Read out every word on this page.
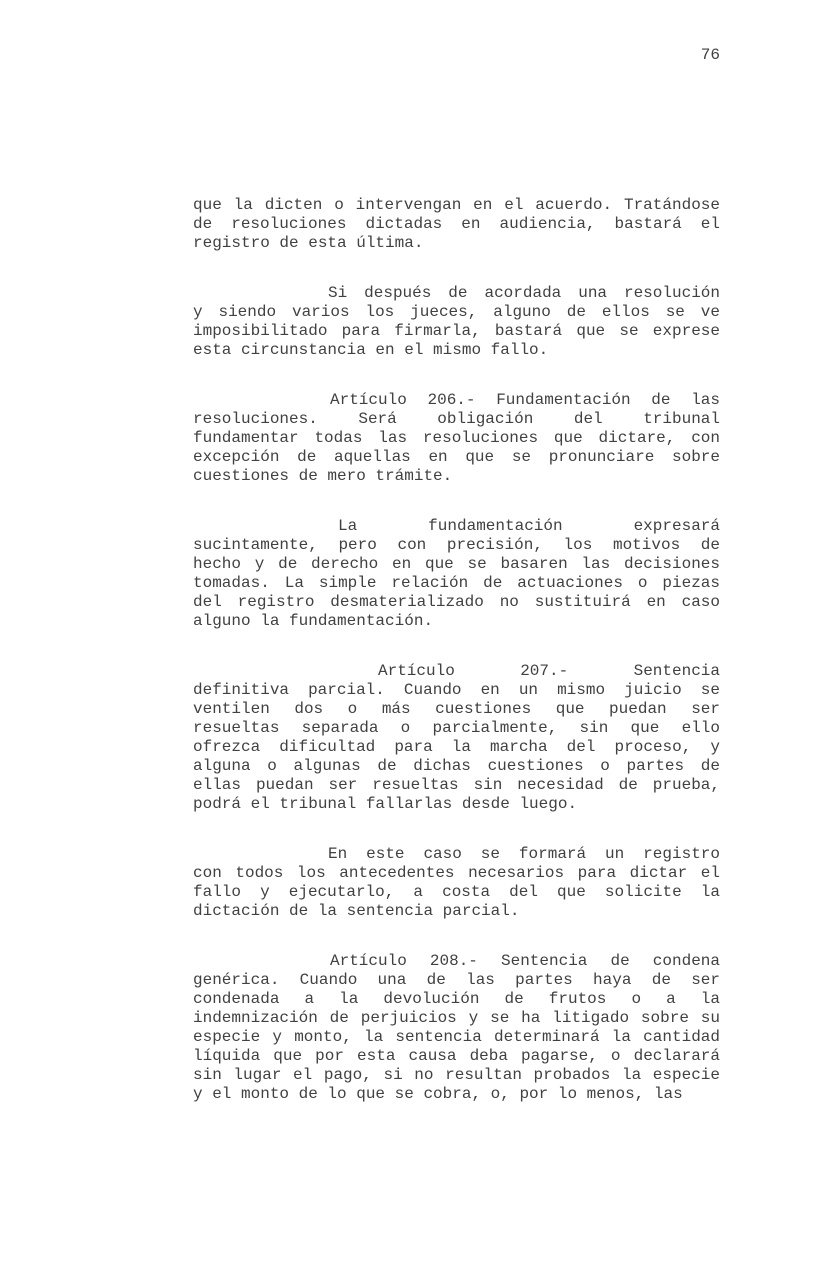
76
que la dicten o intervengan en el acuerdo. Tratándose
de resoluciones dictadas en audiencia, bastará el
registro de esta última.
Si después de acordada una resolución
y siendo varios los jueces, alguno de ellos se ve
imposibilitado para firmarla, bastará que se exprese
esta circunstancia en el mismo fallo.
Artículo 206.- Fundamentación de las
resoluciones. Será obligación del tribunal
fundamentar todas las resoluciones que dictare, con
excepción de aquellas en que se pronunciare sobre
cuestiones de mero trámite.
La fundamentación expresará
sucintamente, pero con precisión, los motivos de
hecho y de derecho en que se basaren las decisiones
tomadas. La simple relación de actuaciones o piezas
del registro desmaterializado no sustituirá en caso
alguno la fundamentación.
Artículo 207.- Sentencia
definitiva parcial. Cuando en un mismo juicio se
ventilen dos o más cuestiones que puedan ser
resueltas separada o parcialmente, sin que ello
ofrezca dificultad para la marcha del proceso, y
alguna o algunas de dichas cuestiones o partes de
ellas puedan ser resueltas sin necesidad de prueba,
podrá el tribunal fallarlas desde luego.
En este caso se formará un registro
con todos los antecedentes necesarios para dictar el
fallo y ejecutarlo, a costa del que solicite la
dictación de la sentencia parcial.
Artículo 208.- Sentencia de condena
genérica. Cuando una de las partes haya de ser
condenada a la devolución de frutos o a la
indemnización de perjuicios y se ha litigado sobre su
especie y monto, la sentencia determinará la cantidad
líquida que por esta causa deba pagarse, o declarará
sin lugar el pago, si no resultan probados la especie
y el monto de lo que se cobra, o, por lo menos, las
